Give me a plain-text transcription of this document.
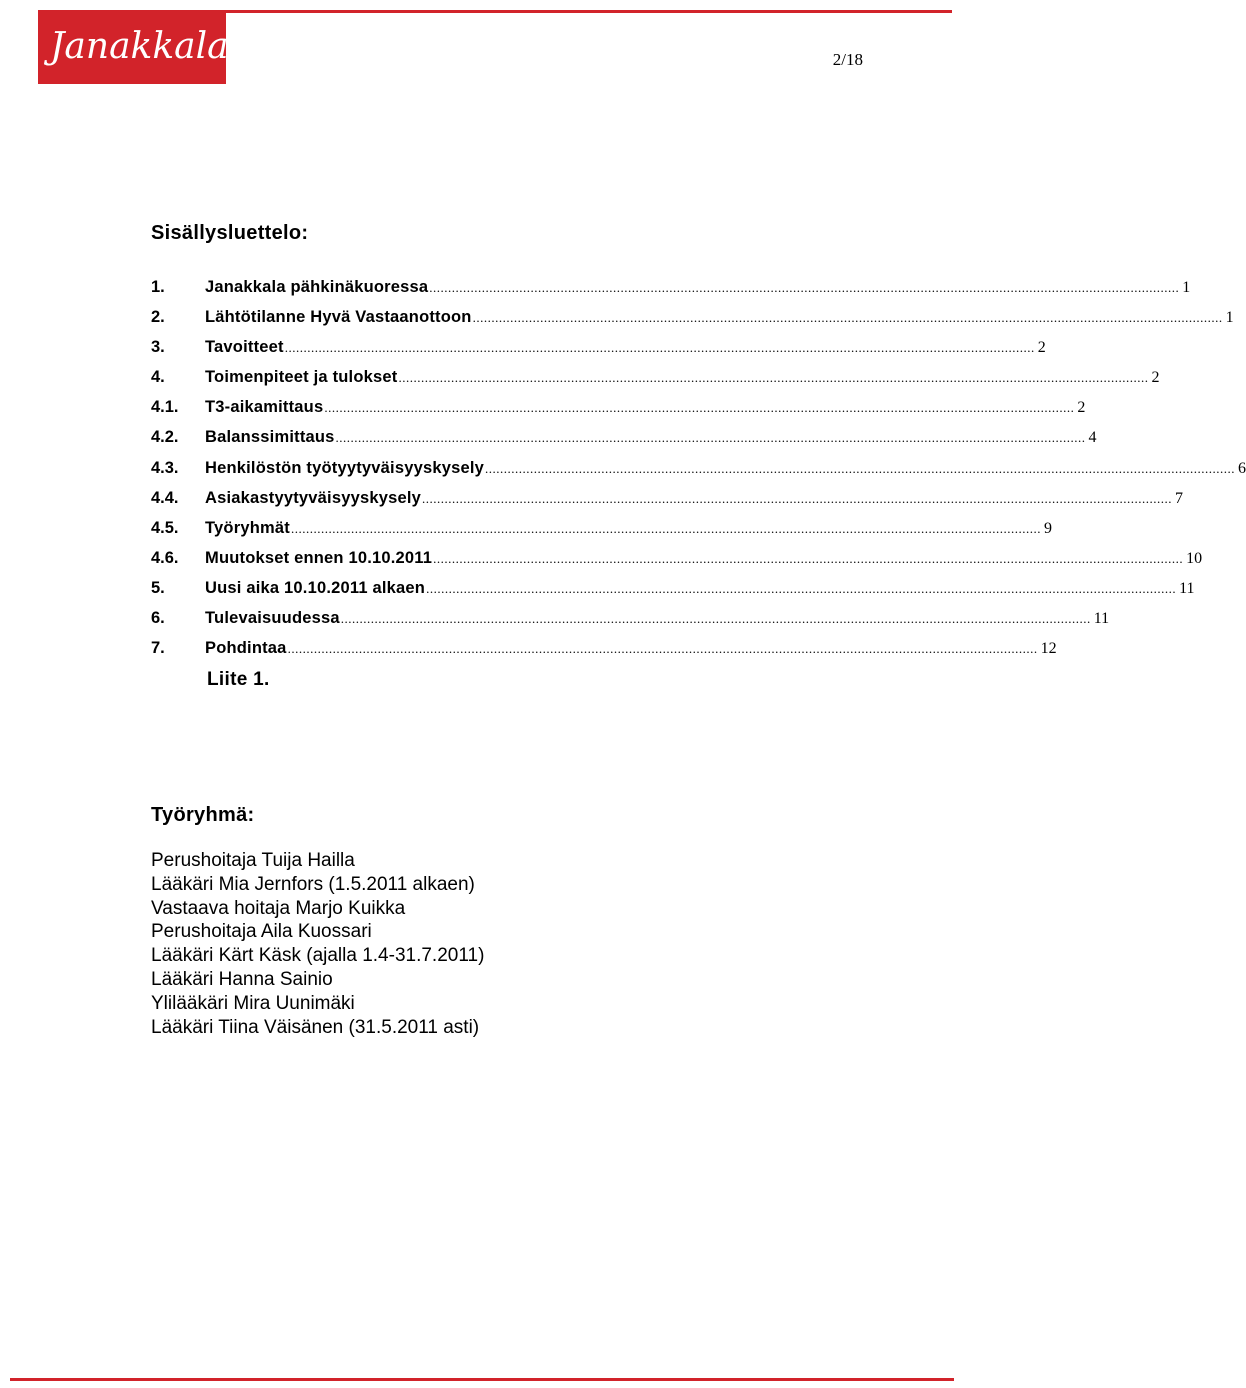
Janakkala	2/18
Sisällysluettelo:
1.	Janakkala pähkinäkuoressa ........................................................................................................................................................................................................ 1
2.	Lähtötilanne Hyvä Vastaanottoon ........................................................................................................................................................................................................ 1
3.	Tavoitteet ........................................................................................................................................................................................................ 2
4.	Toimenpiteet ja tulokset ........................................................................................................................................................................................................ 2
4.1.	T3-aikamittaus ........................................................................................................................................................................................................ 2
4.2.	Balanssimittaus ........................................................................................................................................................................................................ 4
4.3.	Henkilöstön työtyytyväisyyskysely ........................................................................................................................................................................................................ 6
4.4.	Asiakastyytyväisyyskysely ........................................................................................................................................................................................................ 7
4.5.	Työryhmät ........................................................................................................................................................................................................ 9
4.6.	Muutokset ennen 10.10.2011 ........................................................................................................................................................................................................ 10
5.	Uusi aika 10.10.2011 alkaen ........................................................................................................................................................................................................ 11
6.	Tulevaisuudessa ........................................................................................................................................................................................................ 11
7.	Pohdintaa ........................................................................................................................................................................................................ 12
Liite 1.
Työryhmä:
Perushoitaja Tuija Hailla
Lääkäri Mia Jernfors (1.5.2011 alkaen)
Vastaava hoitaja Marjo Kuikka
Perushoitaja Aila Kuossari
Lääkäri Kärt Käsk (ajalla 1.4-31.7.2011)
Lääkäri Hanna Sainio
Ylilääkäri Mira Uunimäki
Lääkäri Tiina Väisänen (31.5.2011 asti)
